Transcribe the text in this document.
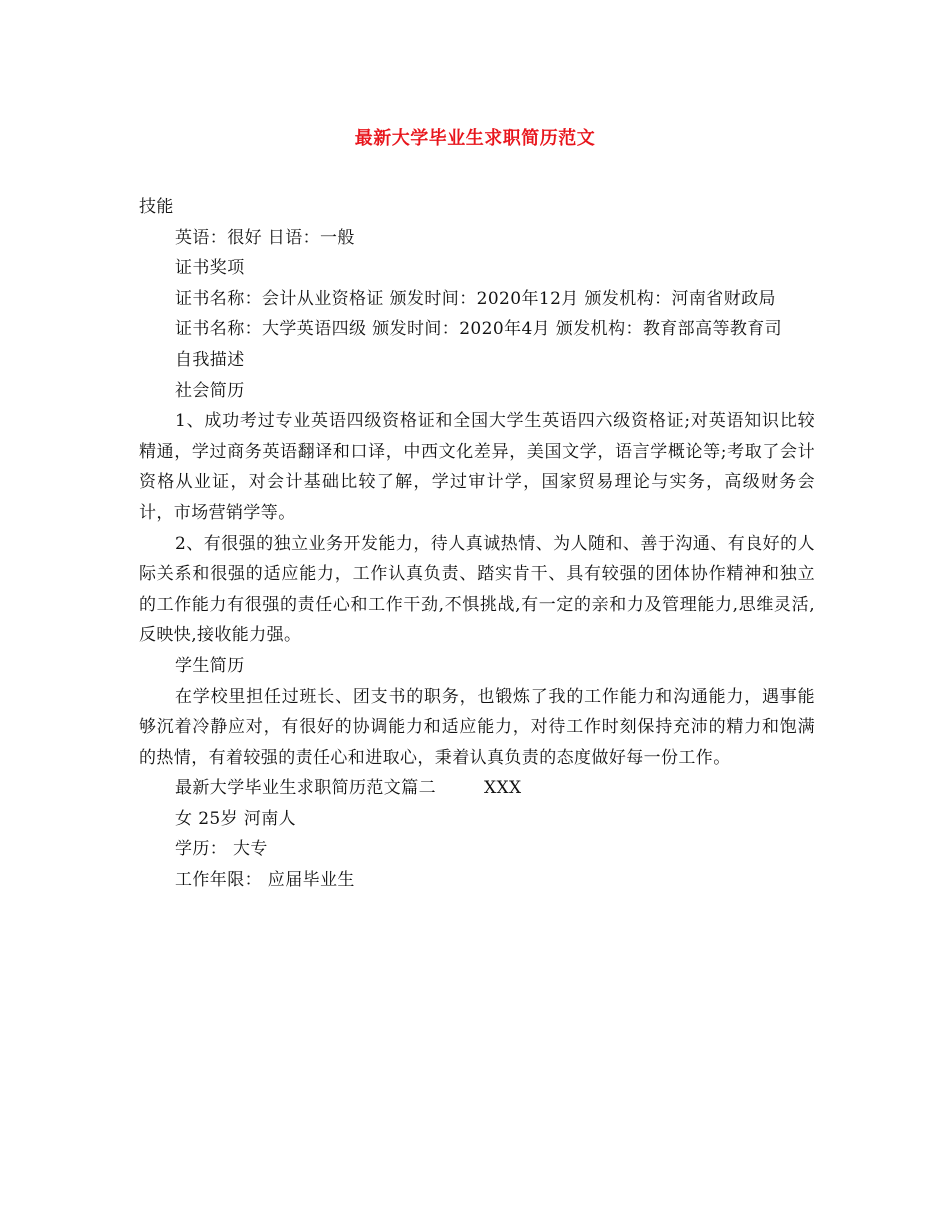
最新大学毕业生求职简历范文

技能

英语：很好 日语：一般

证书奖项

证书名称：会计从业资格证 颁发时间：2020年12月 颁发机构：河南省财政局

证书名称：大学英语四级 颁发时间：2020年4月 颁发机构：教育部高等教育司

自我描述

社会简历

1、成功考过专业英语四级资格证和全国大学生英语四六级资格证;对英语知识比较精通，学过商务英语翻译和口译，中西文化差异，美国文学，语言学概论等;考取了会计资格从业证，对会计基础比较了解，学过审计学，国家贸易理论与实务，高级财务会计，市场营销学等。

2、有很强的独立业务开发能力，待人真诚热情、为人随和、善于沟通、有良好的人际关系和很强的适应能力，工作认真负责、踏实肯干、具有较强的团体协作精神和独立的工作能力有很强的责任心和工作干劲,不惧挑战,有一定的亲和力及管理能力,思维灵活,反映快,接收能力强。

学生简历

在学校里担任过班长、团支书的职务，也锻炼了我的工作能力和沟通能力，遇事能够沉着冷静应对，有很好的协调能力和适应能力，对待工作时刻保持充沛的精力和饱满的热情，有着较强的责任心和进取心，秉着认真负责的态度做好每一份工作。

最新大学毕业生求职简历范文篇二	XXX

女 25岁 河南人

学历： 大专

工作年限： 应届毕业生
